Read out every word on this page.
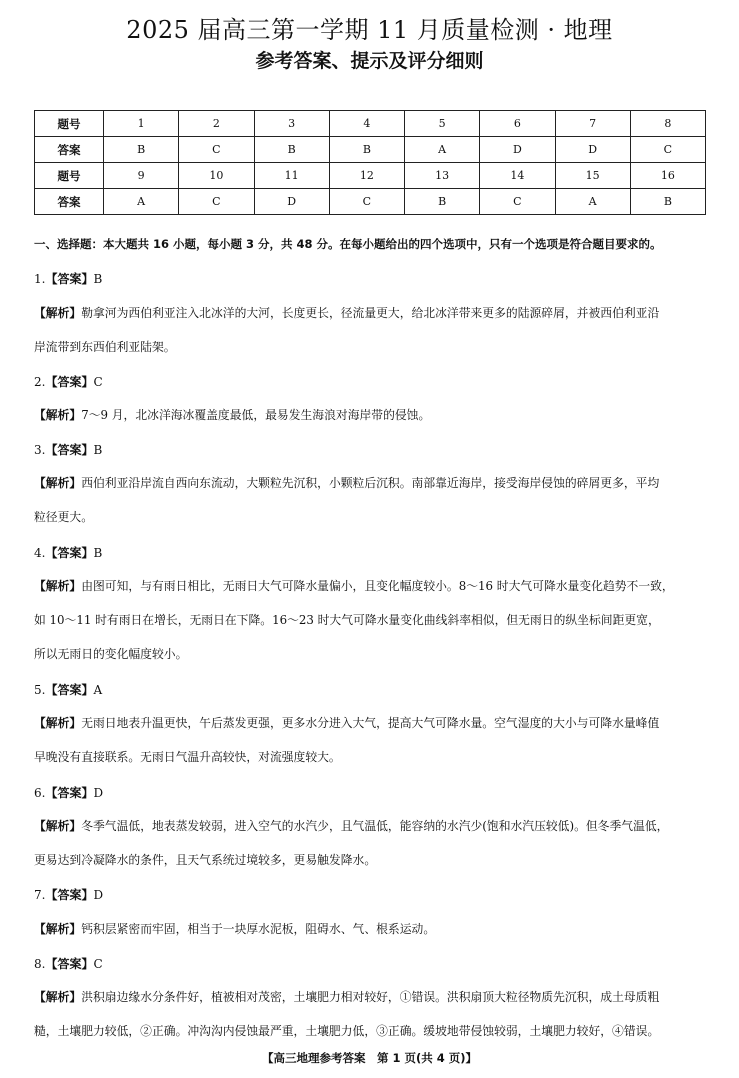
2025 届高三第一学期 11 月质量检测 · 地理
参考答案、提示及评分细则
题号	1	2	3	4	5	6	7	8
答案	B	C	B	B	A	D	D	C
题号	9	10	11	12	13	14	15	16
答案	A	C	D	C	B	C	A	B
一、选择题：本大题共 16 小题，每小题 3 分，共 48 分。在每小题给出的四个选项中，只有一个选项是符合题目要求的。
1.【答案】B
【解析】勒拿河为西伯利亚注入北冰洋的大河，长度更长，径流量更大，给北冰洋带来更多的陆源碎屑，并被西伯利亚沿
岸流带到东西伯利亚陆架。
2.【答案】C
【解析】7～9 月，北冰洋海冰覆盖度最低，最易发生海浪对海岸带的侵蚀。
3.【答案】B
【解析】西伯利亚沿岸流自西向东流动，大颗粒先沉积，小颗粒后沉积。南部靠近海岸，接受海岸侵蚀的碎屑更多，平均
粒径更大。
4.【答案】B
【解析】由图可知，与有雨日相比，无雨日大气可降水量偏小，且变化幅度较小。8～16 时大气可降水量变化趋势不一致，
如 10～11 时有雨日在增长，无雨日在下降。16～23 时大气可降水量变化曲线斜率相似，但无雨日的纵坐标间距更宽，
所以无雨日的变化幅度较小。
5.【答案】A
【解析】无雨日地表升温更快，午后蒸发更强，更多水分进入大气，提高大气可降水量。空气湿度的大小与可降水量峰值
早晚没有直接联系。无雨日气温升高较快，对流强度较大。
6.【答案】D
【解析】冬季气温低，地表蒸发较弱，进入空气的水汽少，且气温低，能容纳的水汽少(饱和水汽压较低)。但冬季气温低，
更易达到冷凝降水的条件，且天气系统过境较多，更易触发降水。
7.【答案】D
【解析】钙积层紧密而牢固，相当于一块厚水泥板，阻碍水、气、根系运动。
8.【答案】C
【解析】洪积扇边缘水分条件好，植被相对茂密，土壤肥力相对较好，①错误。洪积扇顶大粒径物质先沉积，成土母质粗
糙，土壤肥力较低，②正确。冲沟沟内侵蚀最严重，土壤肥力低，③正确。缓坡地带侵蚀较弱，土壤肥力较好，④错误。
【高三地理参考答案　第 1 页(共 4 页)】
